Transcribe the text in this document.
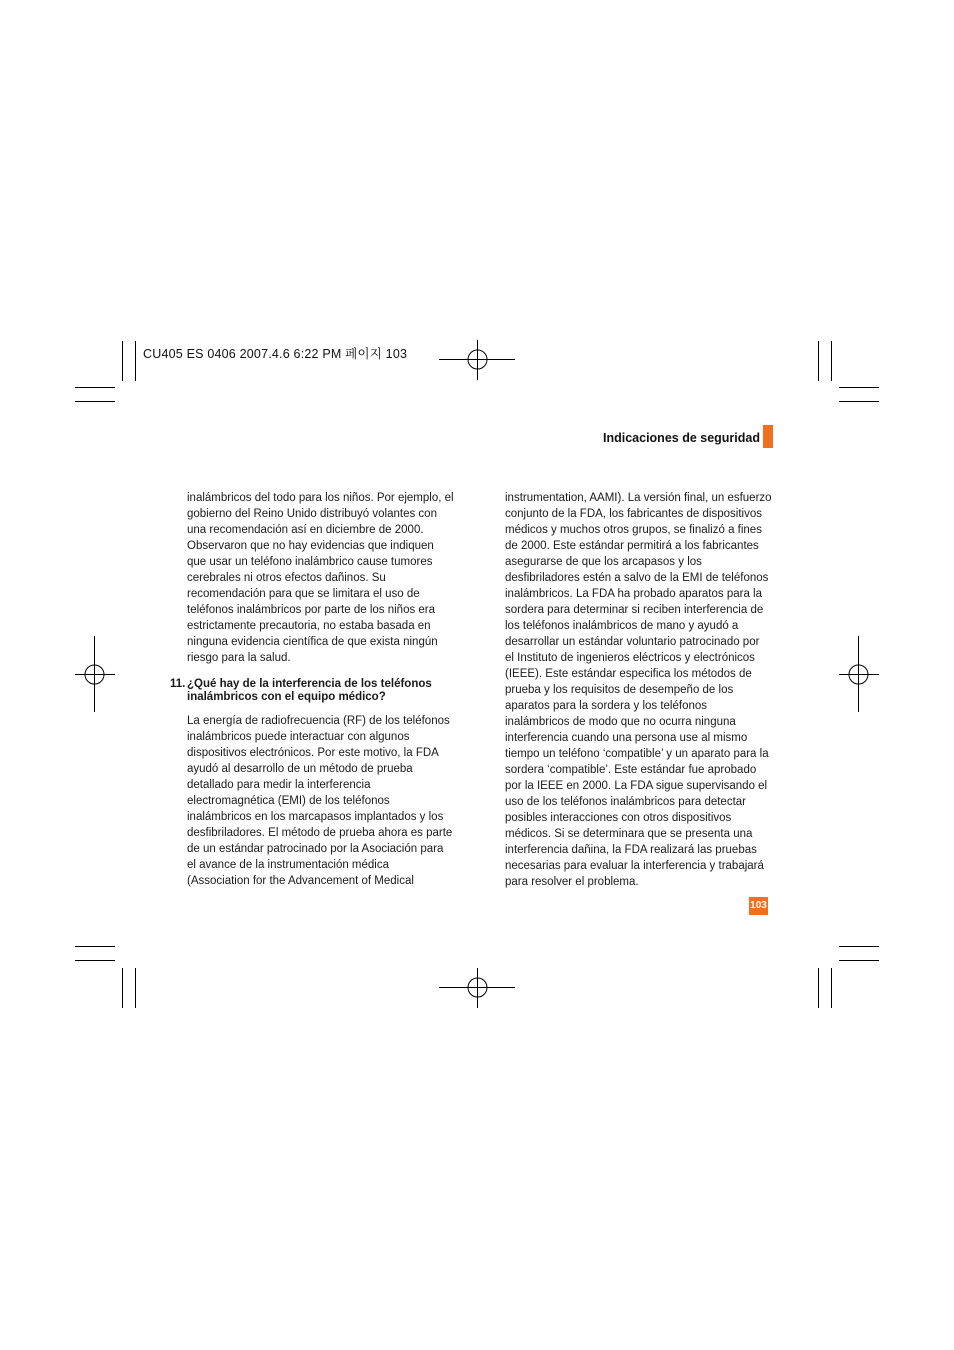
CU405 ES 0406 2007.4.6 6:22 PM 페이지 103
Indicaciones de seguridad

inalámbricos del todo para los niños. Por ejemplo, el

gobierno del Reino Unido distribuyó volantes con

una recomendación así en diciembre de 2000.

Observaron que no hay evidencias que indiquen

que usar un teléfono inalámbrico cause tumores

cerebrales ni otros efectos dañinos. Su

recomendación para que se limitara el uso de

teléfonos inalámbricos por parte de los niños era

estrictamente precautoria, no estaba basada en

ninguna evidencia científica de que exista ningún

riesgo para la salud.

11. ¿Qué hay de la interferencia de los teléfonos
inalámbricos con el equipo médico?

La energía de radiofrecuencia (RF) de los teléfonos

inalámbricos puede interactuar con algunos

dispositivos electrónicos. Por este motivo, la FDA

ayudó al desarrollo de un método de prueba

detallado para medir la interferencia

electromagnética (EMI) de los teléfonos

inalámbricos en los marcapasos implantados y los

desfibriladores. El método de prueba ahora es parte

de un estándar patrocinado por la Asociación para

el avance de la instrumentación médica

(Association for the Advancement of Medical

instrumentation, AAMI). La versión final, un esfuerzo

conjunto de la FDA, los fabricantes de dispositivos

médicos y muchos otros grupos, se finalizó a fines

de 2000. Este estándar permitirá a los fabricantes

asegurarse de que los arcapasos y los

desfibriladores estén a salvo de la EMI de teléfonos

inalámbricos. La FDA ha probado aparatos para la

sordera para determinar si reciben interferencia de

los teléfonos inalámbricos de mano y ayudó a

desarrollar un estándar voluntario patrocinado por

el Instituto de ingenieros eléctricos y electrónicos

(IEEE). Este estándar especifica los métodos de

prueba y los requisitos de desempeño de los

aparatos para la sordera y los teléfonos

inalámbricos de modo que no ocurra ninguna

interferencia cuando una persona use al mismo

tiempo un teléfono ‘compatible’ y un aparato para la

sordera ‘compatible’. Este estándar fue aprobado

por la IEEE en 2000. La FDA sigue supervisando el

uso de los teléfonos inalámbricos para detectar

posibles interacciones con otros dispositivos

médicos. Si se determinara que se presenta una

interferencia dañina, la FDA realizará las pruebas

necesarias para evaluar la interferencia y trabajará

para resolver el problema.

103
